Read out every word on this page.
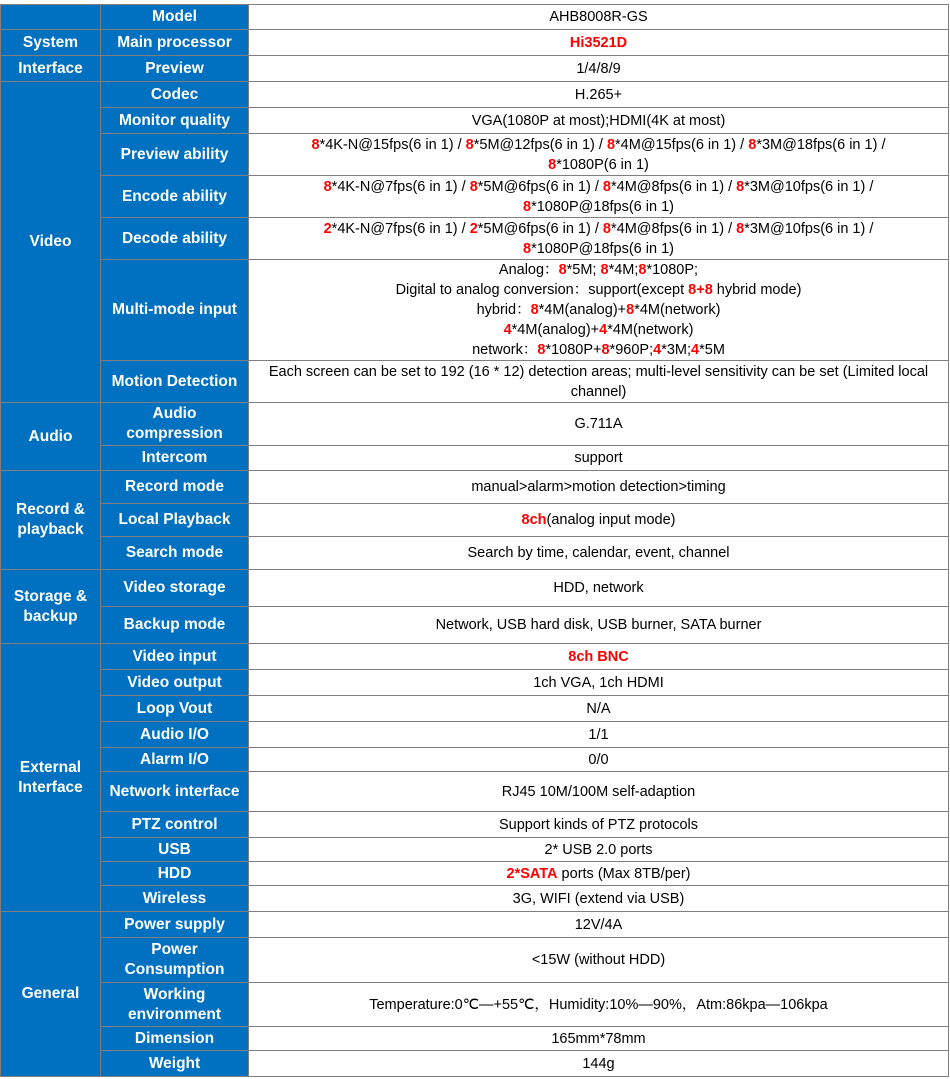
	Model	AHB8008R-GS
System	Main processor	Hi3521D
Interface	Preview	1/4/8/9
Video	Codec	H.265+
	Monitor quality	VGA(1080P at most);HDMI(4K at most)
	Preview ability	8*4K-N@15fps(6 in 1) / 8*5M@12fps(6 in 1) / 8*4M@15fps(6 in 1) / 8*3M@18fps(6 in 1) /
8*1080P(6 in 1)
	Encode ability	8*4K-N@7fps(6 in 1) / 8*5M@6fps(6 in 1) / 8*4M@8fps(6 in 1) / 8*3M@10fps(6 in 1) /
8*1080P@18fps(6 in 1)
	Decode ability	2*4K-N@7fps(6 in 1) / 2*5M@6fps(6 in 1) / 8*4M@8fps(6 in 1) / 8*3M@10fps(6 in 1) /
8*1080P@18fps(6 in 1)
	Multi-mode input	Analog：8*5M; 8*4M;8*1080P;
Digital to analog conversion：support(except 8+8 hybrid mode)
hybrid：8*4M(analog)+8*4M(network)
4*4M(analog)+4*4M(network)
network：8*1080P+8*960P;4*3M;4*5M
	Motion Detection	Each screen can be set to 192 (16 * 12) detection areas; multi-level sensitivity can be set (Limited local channel)
Audio	Audio compression	G.711A
	Intercom	support
Record & playback	Record mode	manual>alarm>motion detection>timing
	Local Playback	8ch(analog input mode)
	Search mode	Search by time, calendar, event, channel
Storage & backup	Video storage	HDD, network
	Backup mode	Network, USB hard disk, USB burner, SATA burner
External Interface	Video input	8ch BNC
	Video output	1ch VGA, 1ch HDMI
	Loop Vout	N/A
	Audio I/O	1/1
	Alarm I/O	0/0
	Network interface	RJ45 10M/100M self-adaption
	PTZ control	Support kinds of PTZ protocols
	USB	2* USB 2.0 ports
	HDD	2*SATA ports (Max 8TB/per)
	Wireless	3G, WIFI (extend via USB)
General	Power supply	12V/4A
	Power Consumption	<15W (without HDD)
	Working environment	Temperature:0℃—+55℃，Humidity:10%—90%，Atm:86kpa—106kpa
	Dimension	165mm*78mm
	Weight	144g
